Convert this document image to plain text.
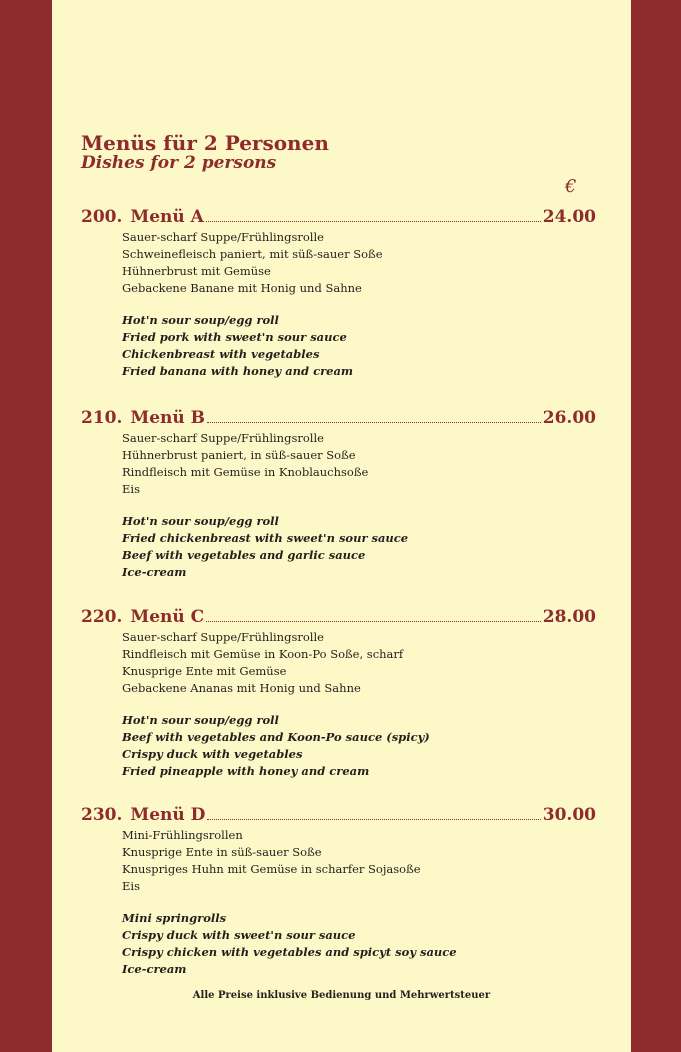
Menüs für 2 Personen
Dishes for 2 persons
€
200. Menü A	24.00
Sauer-scharf Suppe/Frühlingsrolle
Schweinefleisch paniert, mit süß-sauer Soße
Hühnerbrust mit Gemüse
Gebackene Banane mit Honig und Sahne
Hot'n sour soup/egg roll
Fried pork with sweet'n sour sauce
Chickenbreast with vegetables
Fried banana with honey and cream
210. Menü B	26.00
Sauer-scharf Suppe/Frühlingsrolle
Hühnerbrust paniert, in süß-sauer Soße
Rindfleisch mit Gemüse in Knoblauchsoße
Eis
Hot'n sour soup/egg roll
Fried chickenbreast with sweet'n sour sauce
Beef with vegetables and garlic sauce
Ice-cream
220. Menü C	28.00
Sauer-scharf Suppe/Frühlingsrolle
Rindfleisch mit Gemüse in Koon-Po Soße, scharf
Knusprige Ente mit Gemüse
Gebackene Ananas mit Honig und Sahne
Hot'n sour soup/egg roll
Beef with vegetables and Koon-Po sauce (spicy)
Crispy duck with vegetables
Fried pineapple with honey and cream
230. Menü D	30.00
Mini-Frühlingsrollen
Knusprige Ente in süß-sauer Soße
Knuspriges Huhn mit Gemüse in scharfer Sojasoße
Eis
Mini springrolls
Crispy duck with sweet'n sour sauce
Crispy chicken with vegetables and spicyt soy sauce
Ice-cream
Alle Preise inklusive Bedienung und Mehrwertsteuer
